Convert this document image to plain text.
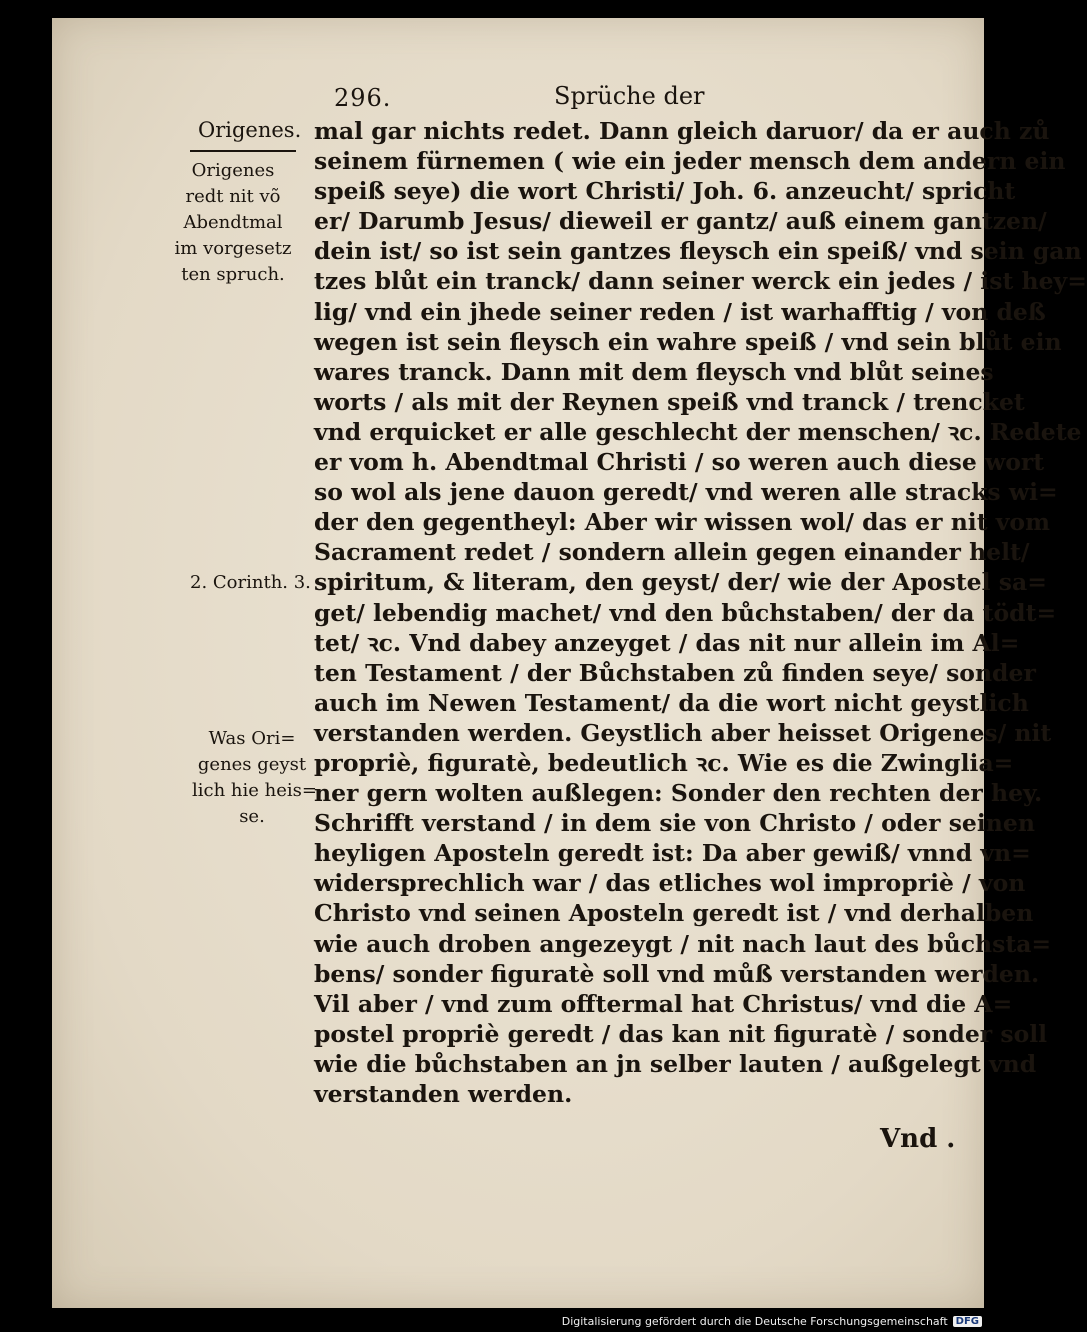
296.	Sprüche der
Origenes.
Origenes
redt nit võ
Abendtmal
im vorgesetz
ten spruch.
2. Corinth. 3.
Was Ori=
genes geyst
lich hie heis=
se.
mal gar nichts redet. Dann gleich daruor/ da er auch zů
seinem fürnemen ( wie ein jeder mensch dem andern ein
speiß seye) die wort Christi/ Joh. 6. anzeucht/ spricht
er/ Darumb Jesus/ dieweil er gantz/ auß einem gantzen/
dein ist/ so ist sein gantzes fleysch ein speiß/ vnd sein gan
tzes blůt ein tranck/ dann seiner werck ein jedes / ist hey=
lig/ vnd ein jhede seiner reden / ist warhafftig / von deß
wegen ist sein fleysch ein wahre speiß / vnd sein blůt ein
wares tranck. Dann mit dem fleysch vnd blůt seines
worts / als mit der Reynen speiß vnd tranck / trencket
vnd erquicket er alle geschlecht der menschen/ ꝛc. Redete
er vom h. Abendtmal Christi / so weren auch diese wort
so wol als jene dauon geredt/ vnd weren alle stracks wi=
der den gegentheyl: Aber wir wissen wol/ das er nit vom
Sacrament redet / sondern allein gegen einander helt/
spiritum, & literam, den geyst/ der/ wie der Apostel sa=
get/ lebendig machet/ vnd den bůchstaben/ der da tödt=
tet/ ꝛc. Vnd dabey anzeyget / das nit nur allein im Al=
ten Testament / der Bůchstaben zů finden seye/ sonder
auch im Newen Testament/ da die wort nicht geystlich
verstanden werden. Geystlich aber heisset Origenes/ nit
propriè, figuratè, bedeutlich ꝛc. Wie es die Zwinglia=
ner gern wolten außlegen: Sonder den rechten der hey.
Schrifft verstand / in dem sie von Christo / oder seinen
heyligen Aposteln geredt ist: Da aber gewiß/ vnnd vn=
widersprechlich war / das etliches wol impropriè / von
Christo vnd seinen Aposteln geredt ist / vnd derhalben
wie auch droben angezeygt / nit nach laut des bůchsta=
bens/ sonder figuratè soll vnd můß verstanden werden.
Vil aber / vnd zum offtermal hat Christus/ vnd die A=
postel propriè geredt / das kan nit figuratè / sonder soll
wie die bůchstaben an jn selber lauten / außgelegt vnd
verstanden werden.
Vnd .
Digitalisierung gefördert durch die Deutsche Forschungsgemeinschaft DFG
